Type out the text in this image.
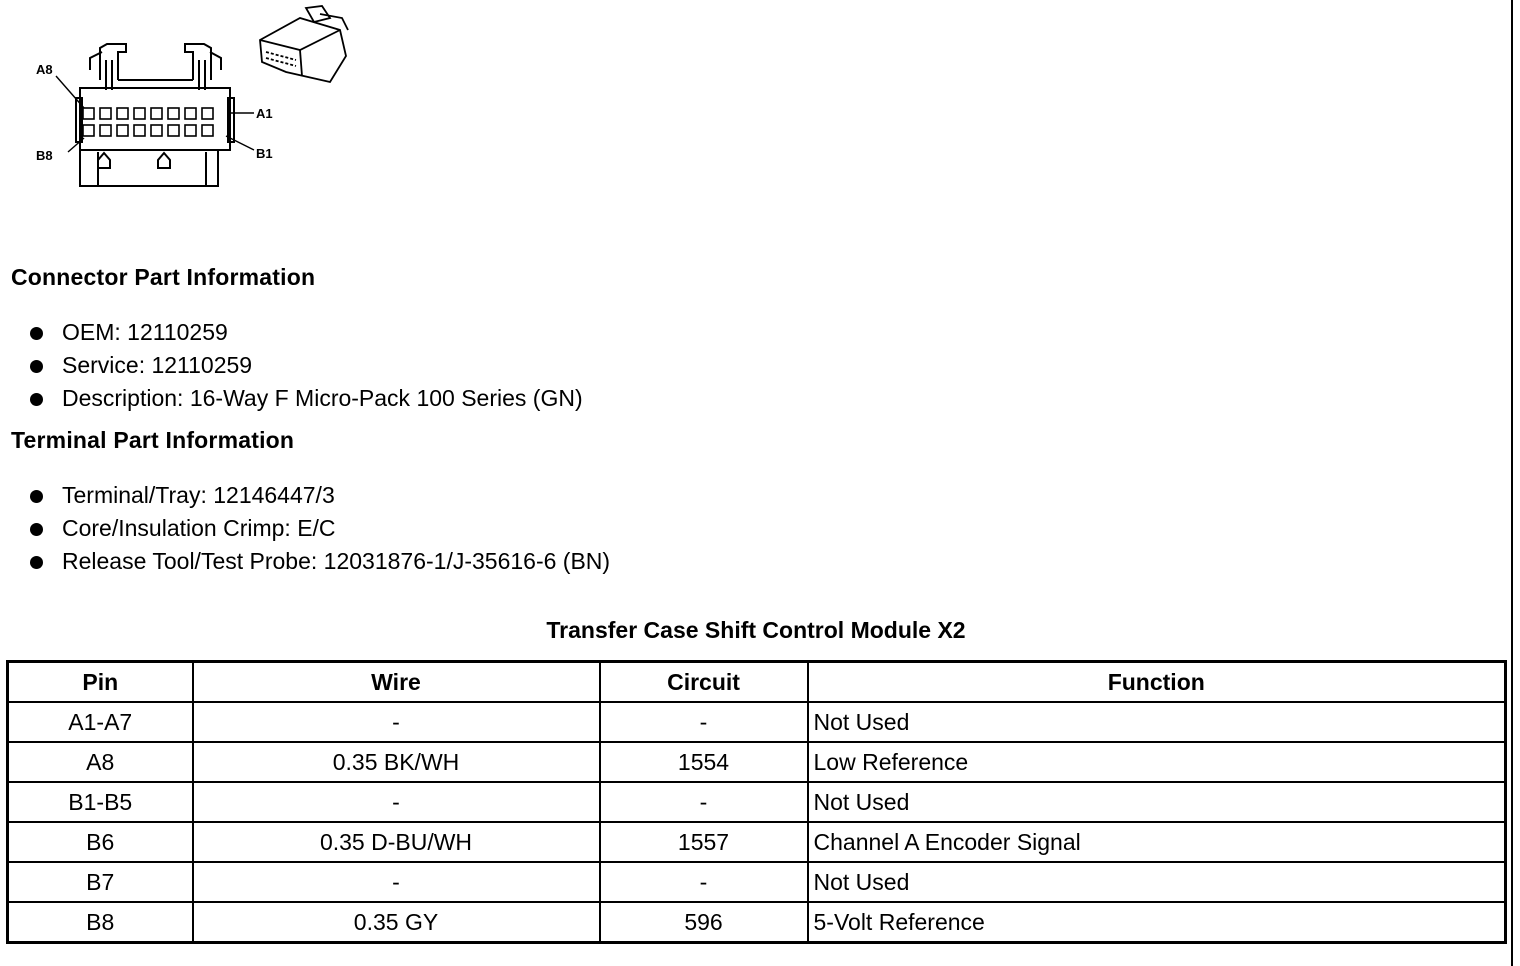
A8
B8
A1
B1
Connector Part Information
OEM: 12110259
Service: 12110259
Description: 16-Way F Micro-Pack 100 Series (GN)
Terminal Part Information
Terminal/Tray: 12146447/3
Core/Insulation Crimp: E/C
Release Tool/Test Probe: 12031876-1/J-35616-6 (BN)
Transfer Case Shift Control Module X2
Pin	Wire	Circuit	Function
A1-A7	-	-	Not Used
A8	0.35 BK/WH	1554	Low Reference
B1-B5	-	-	Not Used
B6	0.35 D-BU/WH	1557	Channel A Encoder Signal
B7	-	-	Not Used
B8	0.35 GY	596	5-Volt Reference
